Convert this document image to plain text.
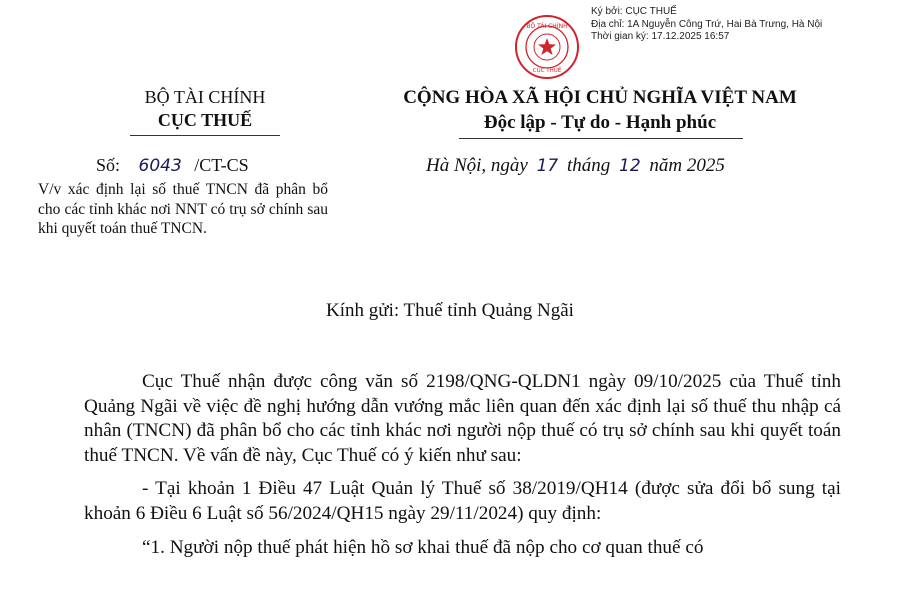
Ký bởi: CỤC THUẾ
Địa chỉ: 1A Nguyễn Công Trứ, Hai Bà Trưng, Hà Nội
Thời gian ký: 17.12.2025 16:57
BỘ TÀI CHÍNH
CỤC THUẾ
BỘ TÀI CHÍNH
CỤC THUẾ
CỘNG HÒA XÃ HỘI CHỦ NGHĨA VIỆT NAM
Độc lập - Tự do - Hạnh phúc
Số: 6043 /CT-CS	Hà Nội, ngày 17 tháng 12 năm 2025
V/v xác định lại số thuế TNCN đã phân bổ cho các tỉnh khác nơi NNT có trụ sở chính sau khi quyết toán thuế TNCN.
Kính gửi: Thuế tỉnh Quảng Ngãi

Cục Thuế nhận được công văn số 2198/QNG-QLDN1 ngày 09/10/2025 của Thuế tỉnh Quảng Ngãi về việc đề nghị hướng dẫn vướng mắc liên quan đến xác định lại số thuế thu nhập cá nhân (TNCN) đã phân bổ cho các tỉnh khác nơi người nộp thuế có trụ sở chính sau khi quyết toán thuế TNCN. Về vấn đề này, Cục Thuế có ý kiến như sau:

- Tại khoản 1 Điều 47 Luật Quản lý Thuế số 38/2019/QH14 (được sửa đổi bổ sung tại khoản 6 Điều 6 Luật số 56/2024/QH15 ngày 29/11/2024) quy định:

“1. Người nộp thuế phát hiện hồ sơ khai thuế đã nộp cho cơ quan thuế có
